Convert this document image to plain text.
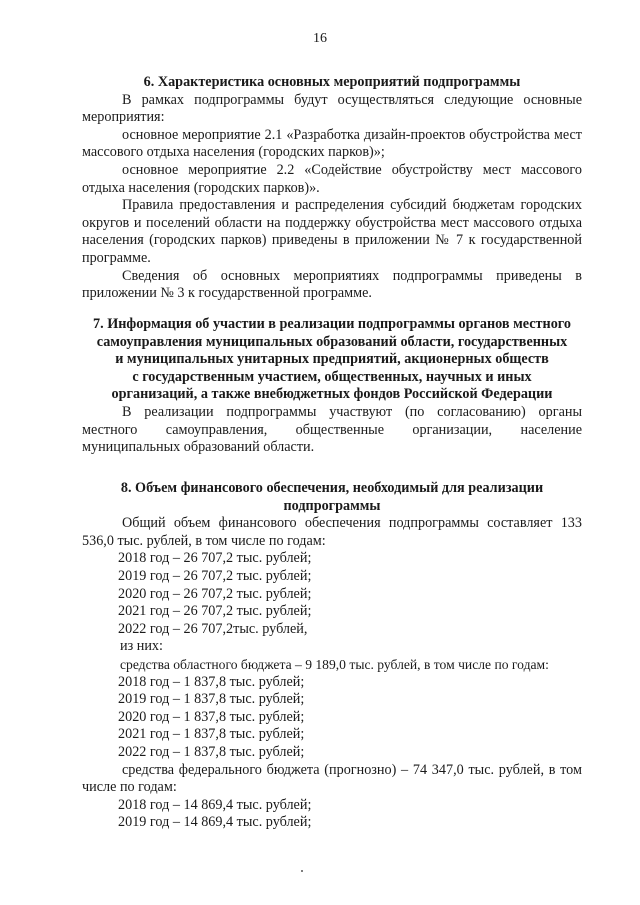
16
6. Характеристика основных мероприятий подпрограммы

В рамках подпрограммы будут осуществляться следующие основные мероприятия:

основное мероприятие 2.1 «Разработка дизайн-проектов обустройства мест массового отдыха населения (городских парков)»;

основное мероприятие 2.2 «Содействие обустройству мест массового отдыха населения (городских парков)».

Правила предоставления и распределения субсидий бюджетам городских округов и поселений области на поддержку обустройства мест массового отдыха населения (городских парков) приведены в приложении № 7 к государственной программе.

Сведения об основных мероприятиях подпрограммы приведены в приложении № 3 к государственной программе.

7. Информация об участии в реализации подпрограммы органов местного
самоуправления муниципальных образований области, государственных
и муниципальных унитарных предприятий, акционерных обществ
с государственным участием, общественных, научных и иных
организаций, а также внебюджетных фондов Российской Федерации

В реализации подпрограммы участвуют (по согласованию) органы местного самоуправления, общественные организации, население муниципальных образований области.

8. Объем финансового обеспечения, необходимый для реализации
подпрограммы

Общий объем финансового обеспечения подпрограммы составляет 133 536,0 тыс. рублей, в том числе по годам:

2018 год – 26 707,2 тыс. рублей;
2019 год – 26 707,2 тыс. рублей;
2020 год – 26 707,2 тыс. рублей;
2021 год – 26 707,2 тыс. рублей;
2022 год – 26 707,2тыс. рублей,
из них:
средства областного бюджета – 9 189,0 тыс. рублей, в том числе по годам:
2018 год – 1 837,8 тыс. рублей;
2019 год – 1 837,8 тыс. рублей;
2020 год – 1 837,8 тыс. рублей;
2021 год – 1 837,8 тыс. рублей;
2022 год – 1 837,8 тыс. рублей;

средства федерального бюджета (прогнозно) – 74 347,0 тыс. рублей, в том числе по годам:

2018 год – 14 869,4 тыс. рублей;
2019 год – 14 869,4 тыс. рублей;
